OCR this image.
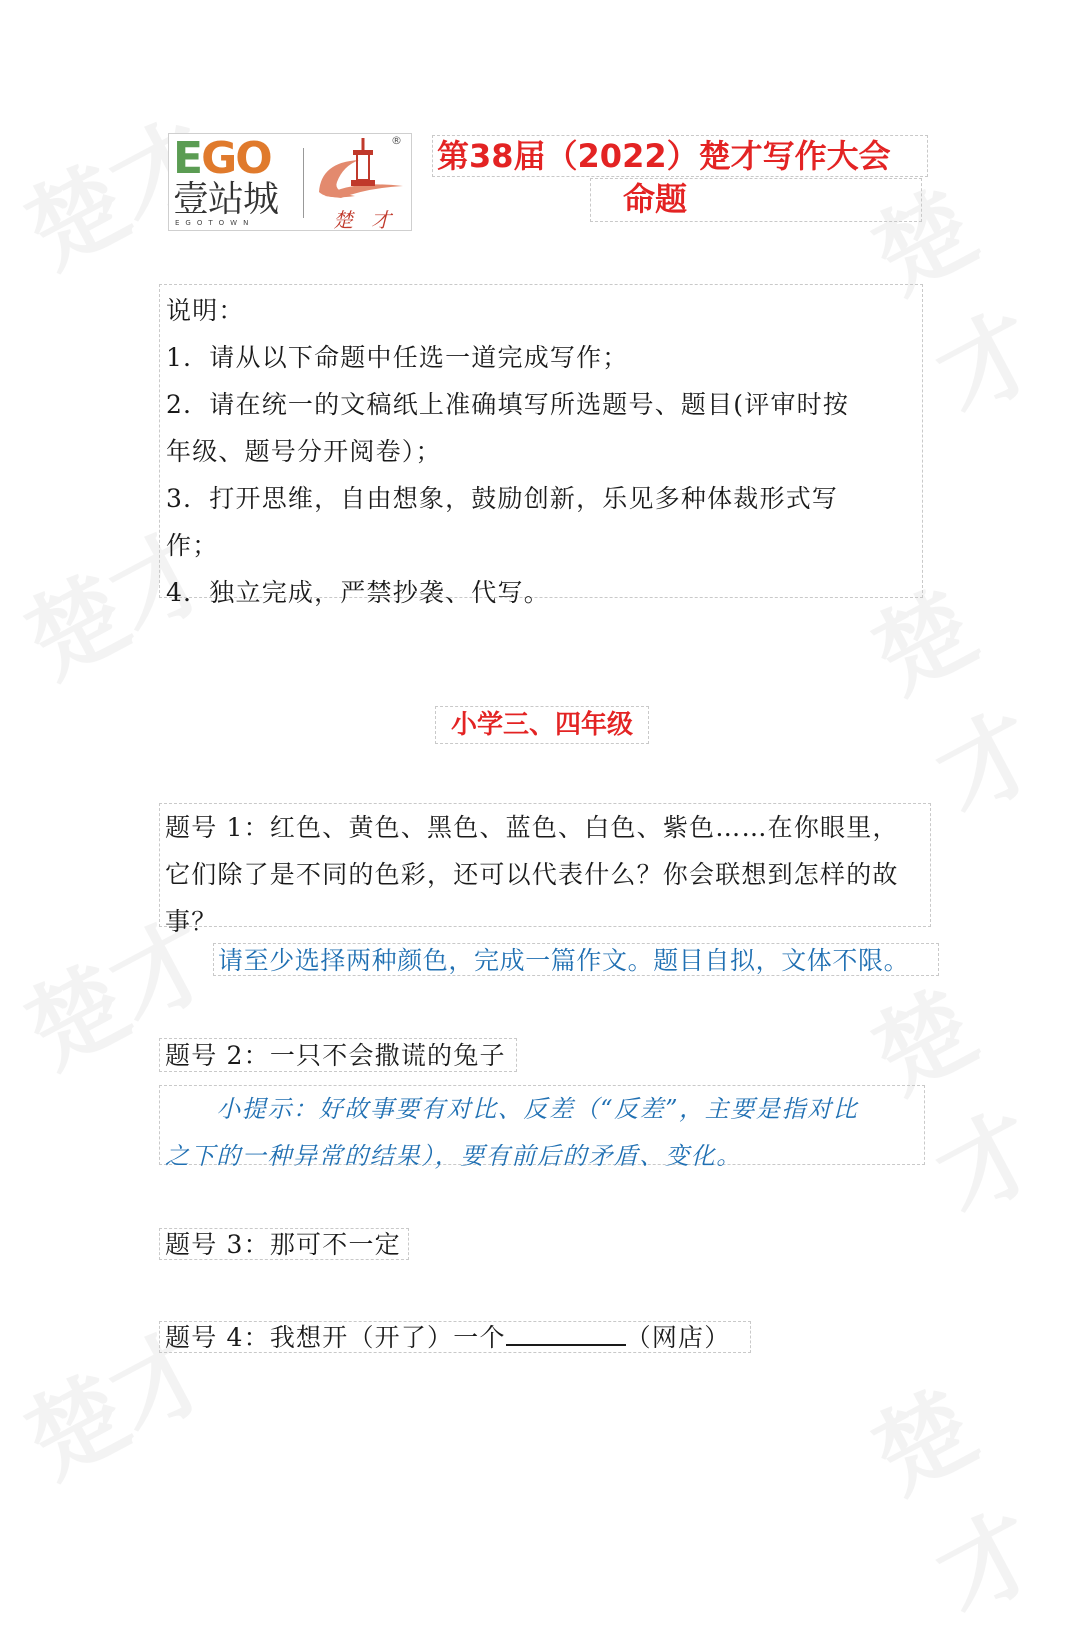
EGO
壹站城
EGOTOWN
®
楚才
第38届（2022）楚才写作大会
命题
说明：
1．请从以下命题中任选一道完成写作；
2．请在统一的文稿纸上准确填写所选题号、题目(评审时按
年级、题号分开阅卷）；
3．打开思维，自由想象，鼓励创新，乐见多种体裁形式写
作；
4．独立完成，严禁抄袭、代写。
小学三、四年级
题号 1：红色、黄色、黑色、蓝色、白色、紫色……在你眼里，
它们除了是不同的色彩，还可以代表什么？你会联想到怎样的故
事？
请至少选择两种颜色，完成一篇作文。题目自拟，文体不限。
题号 2：一只不会撒谎的兔子
　　小提示：好故事要有对比、反差（“反差”，主要是指对比
之下的一种异常的结果），要有前后的矛盾、变化。
题号 3：那可不一定
题号 4：我想开（开了）一个	（网店）
